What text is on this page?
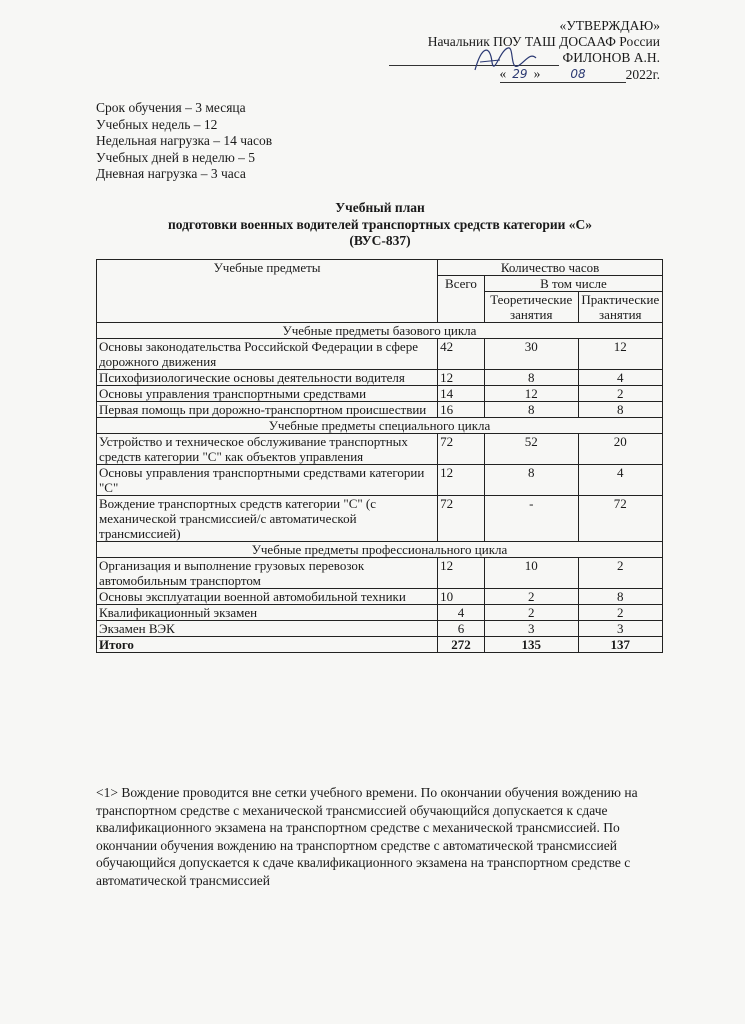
«УТВЕРЖДАЮ»
Начальник ПОУ ТАШ ДОСААФ России
ФИЛОНОВ А.Н.
« 29 »	08	2022г.
Срок обучения – 3 месяца
Учебных недель – 12
Недельная нагрузка – 14 часов
Учебных дней в неделю – 5
Дневная нагрузка – 3 часа
Учебный план
подготовки военных водителей транспортных средств категории «С»
(ВУС-837)
Учебные предметы	Количество часов		
	Всего	В том числе	
		Теоретические занятия	Практические занятия
Учебные предметы базового цикла			
Основы законодательства Российской Федерации в сфере дорожного движения	42	30	12
Психофизиологические основы деятельности водителя	12	8	4
Основы управления транспортными средствами	14	12	2
Первая помощь при дорожно-транспортном происшествии	16	8	8
Учебные предметы специального цикла			
Устройство и техническое обслуживание транспортных средств категории "С" как объектов управления	72	52	20
Основы управления транспортными средствами категории "С"	12	8	4
Вождение транспортных средств категории "С" (с механической трансмиссией/с автоматической трансмиссией)	72	-	72
Учебные предметы профессионального цикла			
Организация и выполнение грузовых перевозок автомобильным транспортом	12	10	2
Основы эксплуатации военной автомобильной техники	10	2	8
Квалификационный экзамен	4	2	2
Экзамен ВЭК	6	3	3
Итого	272	135	137
<1> Вождение проводится вне сетки учебного времени. По окончании обучения вождению на транспортном средстве с механической трансмиссией обучающийся допускается к сдаче квалификационного экзамена на транспортном средстве с механической трансмиссией. По окончании обучения вождению на транспортном средстве с автоматической трансмиссией обучающийся допускается к сдаче квалификационного экзамена на транспортном средстве с автоматической трансмиссией
